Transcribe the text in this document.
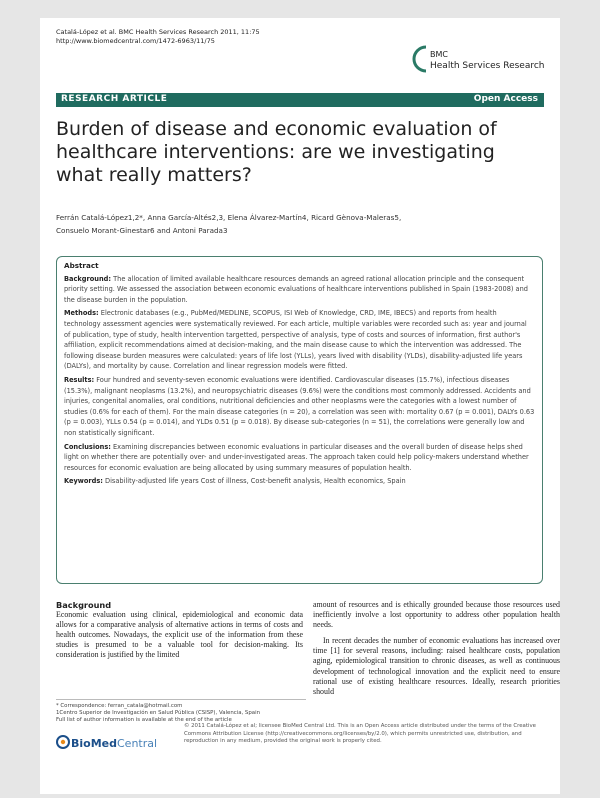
Catalá-López et al. BMC Health Services Research 2011, 11:75
http://www.biomedcentral.com/1472-6963/11/75
BMC
Health Services Research
RESEARCH ARTICLE	Open Access
Burden of disease and economic evaluation of healthcare interventions: are we investigating what really matters?
Ferrán Catalá-López1,2*, Anna García-Altés2,3, Elena Álvarez-Martín4, Ricard Gènova-Maleras5,
Consuelo Morant-Ginestar6 and Antoni Parada3
Abstract

Background: The allocation of limited available healthcare resources demands an agreed rational allocation principle and the consequent priority setting. We assessed the association between economic evaluations of healthcare interventions published in Spain (1983-2008) and the disease burden in the population.

Methods: Electronic databases (e.g., PubMed/MEDLINE, SCOPUS, ISI Web of Knowledge, CRD, IME, IBECS) and reports from health technology assessment agencies were systematically reviewed. For each article, multiple variables were recorded such as: year and journal of publication, type of study, health intervention targetted, perspective of analysis, type of costs and sources of information, first author's affiliation, explicit recommendations aimed at decision-making, and the main disease cause to which the intervention was addressed. The following disease burden measures were calculated: years of life lost (YLLs), years lived with disability (YLDs), disability-adjusted life years (DALYs), and mortality by cause. Correlation and linear regression models were fitted.

Results: Four hundred and seventy-seven economic evaluations were identified. Cardiovascular diseases (15.7%), infectious diseases (15.3%), malignant neoplasms (13.2%), and neuropsychiatric diseases (9.6%) were the conditions most commonly addressed. Accidents and injuries, congenital anomalies, oral conditions, nutritional deficiencies and other neoplasms were the categories with a lowest number of studies (0.6% for each of them). For the main disease categories (n = 20), a correlation was seen with: mortality 0.67 (p = 0.001), DALYs 0.63 (p = 0.003), YLLs 0.54 (p = 0.014), and YLDs 0.51 (p = 0.018). By disease sub-categories (n = 51), the correlations were generally low and non statistically significant.

Conclusions: Examining discrepancies between economic evaluations in particular diseases and the overall burden of disease helps shed light on whether there are potentially over- and under-investigated areas. The approach taken could help policy-makers understand whether resources for economic evaluation are being allocated by using summary measures of population health.

Keywords: Disability-adjusted life years Cost of illness, Cost-benefit analysis, Health economics, Spain

Background

Economic evaluation using clinical, epidemiological and economic data allows for a comparative analysis of alternative actions in terms of costs and health outcomes. Nowadays, the explicit use of the information from these studies is presumed to be a valuable tool for decision-making. Its consideration is justified by the limited

amount of resources and is ethically grounded because those resources used inefficiently involve a lost opportunity to address other population health needs.

In recent decades the number of economic evaluations has increased over time [1] for several reasons, including: raised healthcare costs, population aging, epidemiological transition to chronic diseases, as well as continuous development of technological innovation and the explicit need to ensure rational use of existing healthcare resources. Ideally, research priorities should

* Correspondence: ferran_catala@hotmail.com
1Centro Superior de Investigación en Salud Pública (CSISP), Valencia, Spain
Full list of author information is available at the end of the article
BioMedCentral
© 2011 Catalá-López et al; licensee BioMed Central Ltd. This is an Open Access article distributed under the terms of the Creative Commons Attribution License (http://creativecommons.org/licenses/by/2.0), which permits unrestricted use, distribution, and reproduction in any medium, provided the original work is properly cited.
